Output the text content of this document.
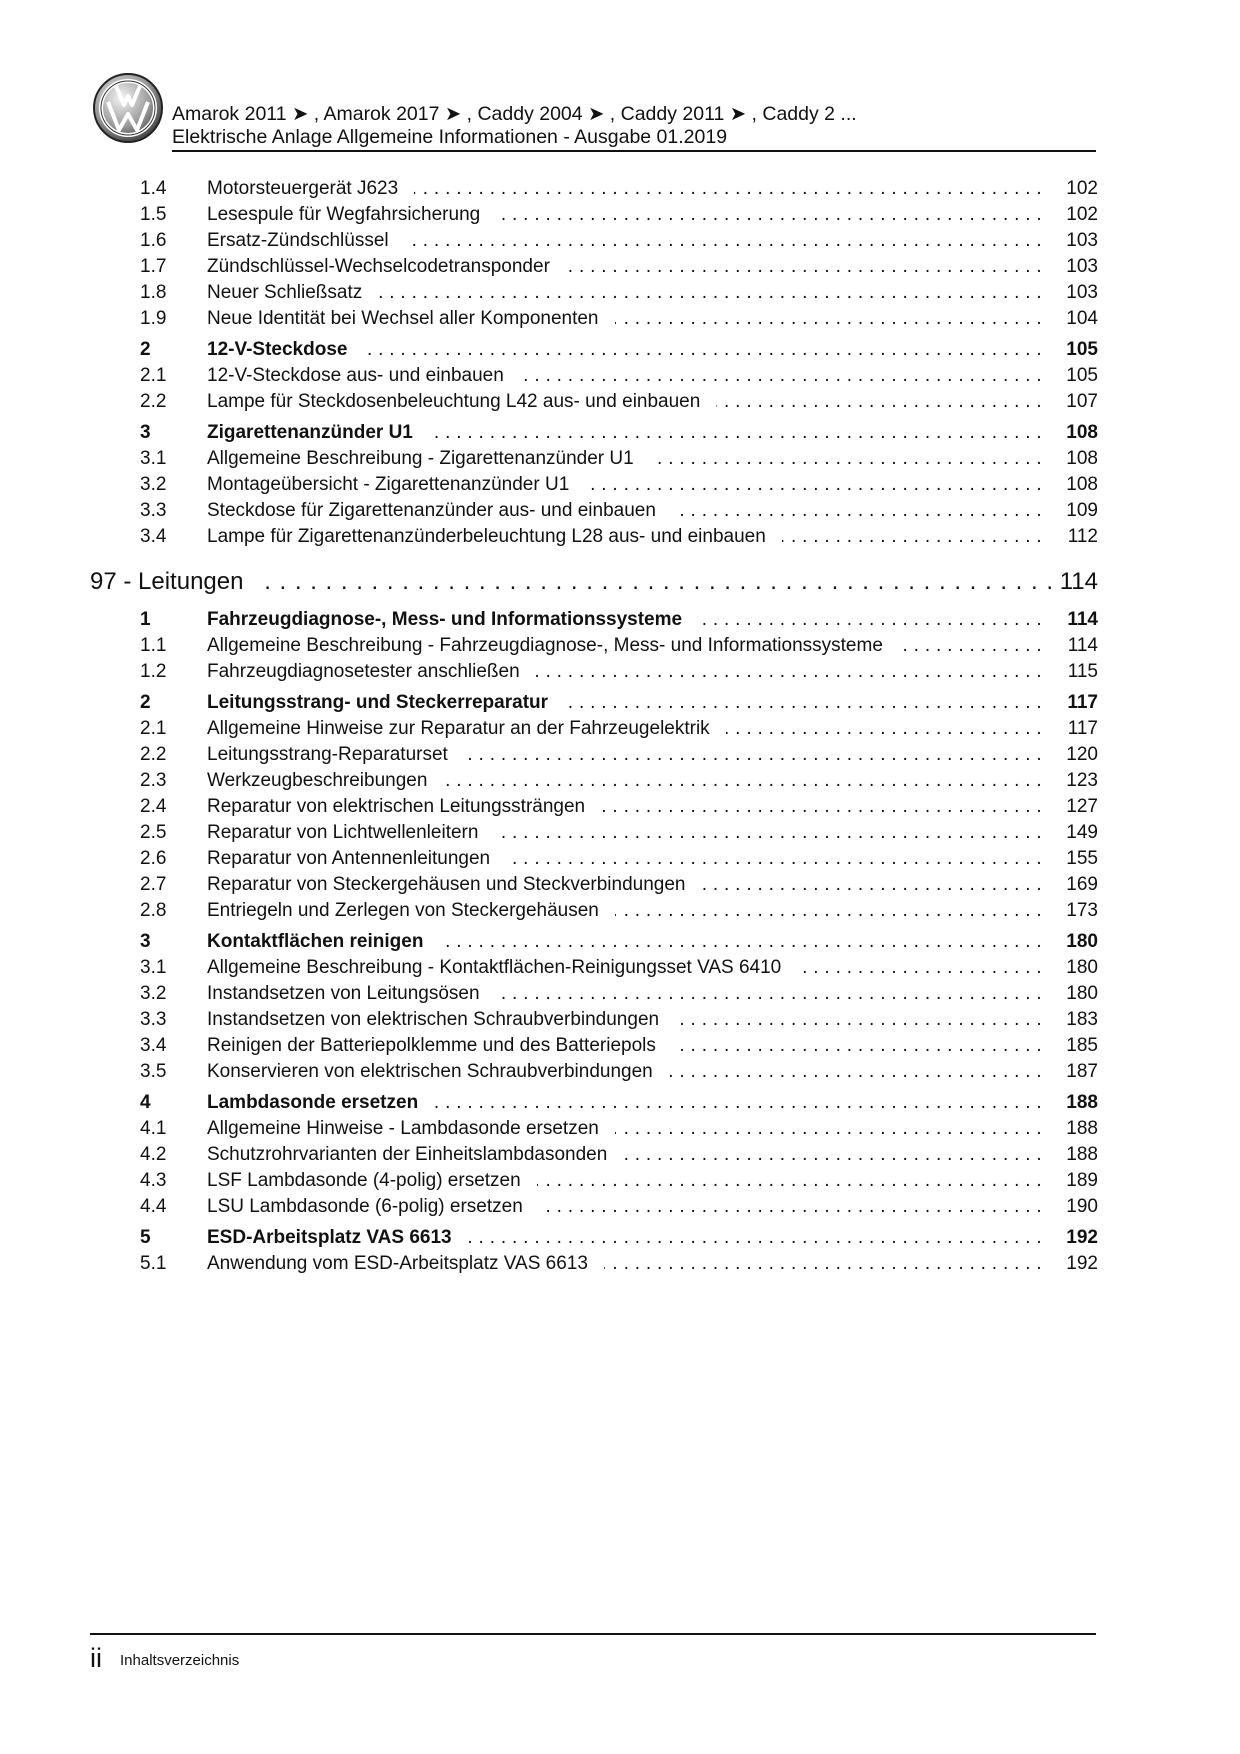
Amarok 2011 ➤ , Amarok 2017 ➤ , Caddy 2004 ➤ , Caddy 2011 ➤ , Caddy 2 ...
Elektrische Anlage Allgemeine Informationen - Ausgabe 01.2019
1.4 Motorsteuergerät J623 . . .	102
1.5 Lesespule für Wegfahrsicherung . . .	102
1.6 Ersatz-Zündschlüssel . . .	103
1.7 Zündschlüssel-Wechselcodetransponder . . .	103
1.8 Neuer Schließsatz . . .	103
1.9 Neue Identität bei Wechsel aller Komponenten . . .	104
2	12-V-Steckdose . . .	105
2.1 12-V-Steckdose aus- und einbauen . . .	105
2.2 Lampe für Steckdosenbeleuchtung L42 aus- und einbauen . . .	107
3	Zigarettenanzünder U1 . . .	108
3.1 Allgemeine Beschreibung - Zigarettenanzünder U1 . . .	108
3.2 Montageübersicht - Zigarettenanzünder U1 . . .	108
3.3 Steckdose für Zigarettenanzünder aus- und einbauen . . .	109
3.4 Lampe für Zigarettenanzünderbeleuchtung L28 aus- und einbauen . . .	112
97 - Leitungen . . .	114
1	Fahrzeugdiagnose-, Mess- und Informationssysteme . . .	114
1.1 Allgemeine Beschreibung - Fahrzeugdiagnose-, Mess- und Informationssysteme . . .	114
1.2 Fahrzeugdiagnosetester anschließen . . .	115
2	Leitungsstrang- und Steckerreparatur . . .	117
2.1 Allgemeine Hinweise zur Reparatur an der Fahrzeugelektrik . . .	117
2.2 Leitungsstrang-Reparaturset . . .	120
2.3 Werkzeugbeschreibungen . . .	123
2.4 Reparatur von elektrischen Leitungssträngen . . .	127
2.5 Reparatur von Lichtwellenleitern . . .	149
2.6 Reparatur von Antennenleitungen . . .	155
2.7 Reparatur von Steckergehäusen und Steckverbindungen . . .	169
2.8 Entriegeln und Zerlegen von Steckergehäusen . . .	173
3	Kontaktflächen reinigen . . .	180
3.1 Allgemeine Beschreibung - Kontaktflächen-Reinigungsset VAS 6410 . . .	180
3.2 Instandsetzen von Leitungsösen . . .	180
3.3 Instandsetzen von elektrischen Schraubverbindungen . . .	183
3.4 Reinigen der Batteriepolklemme und des Batteriepols . . .	185
3.5 Konservieren von elektrischen Schraubverbindungen . . .	187
4	Lambdasonde ersetzen . . .	188
4.1 Allgemeine Hinweise - Lambdasonde ersetzen . . .	188
4.2 Schutzrohrvarianten der Einheitslambdasonden . . .	188
4.3 LSF Lambdasonde (4-polig) ersetzen . . .	189
4.4 LSU Lambdasonde (6-polig) ersetzen . . .	190
5	ESD-Arbeitsplatz VAS 6613 . . .	192
5.1 Anwendung vom ESD-Arbeitsplatz VAS 6613 . . .	192
ii Inhaltsverzeichnis
